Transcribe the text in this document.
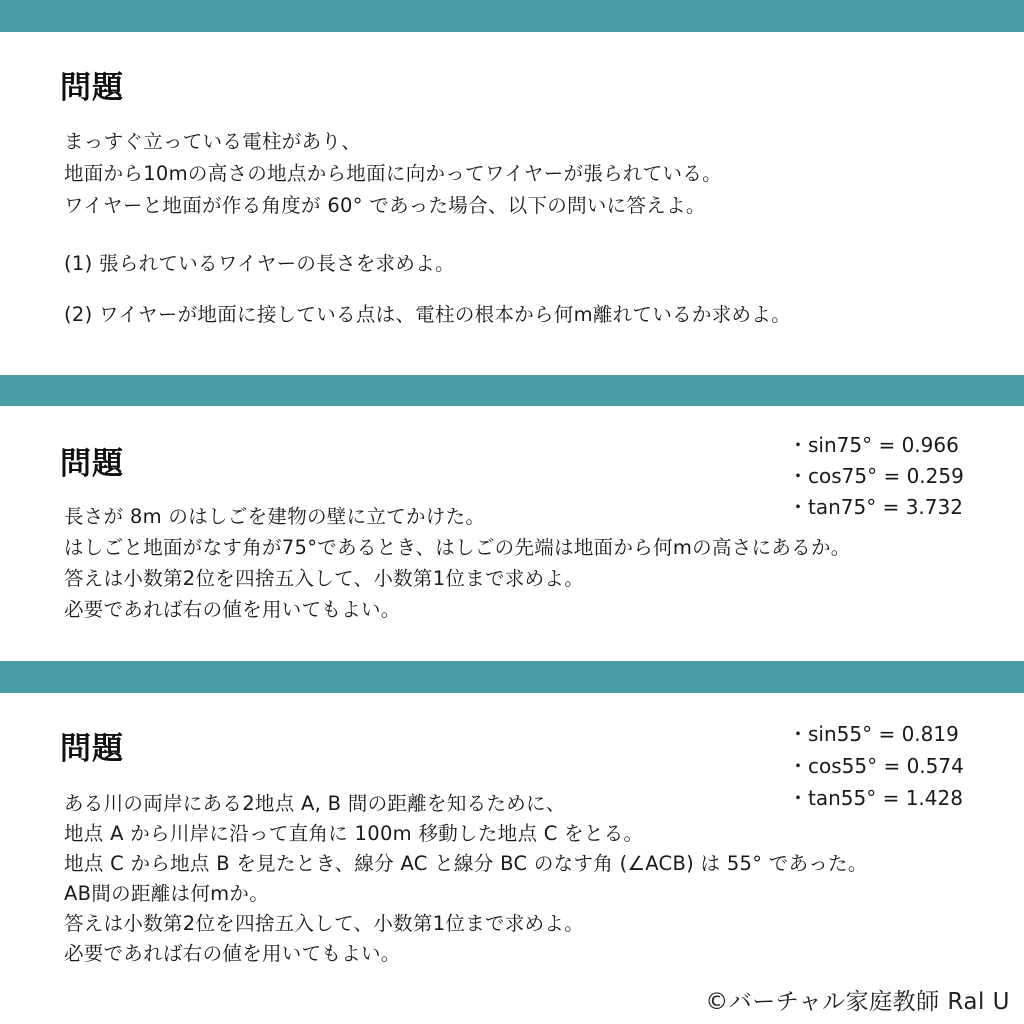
問題
まっすぐ立っている電柱があり、
地面から10mの高さの地点から地面に向かってワイヤーが張られている。
ワイヤーと地面が作る角度が 60° であった場合、以下の問いに答えよ。
(1) 張られているワイヤーの長さを求めよ。
(2) ワイヤーが地面に接している点は、電柱の根本から何m離れているか求めよ。
問題
・sin75° = 0.966
・cos75° = 0.259
・tan75° = 3.732
長さが 8m のはしごを建物の壁に立てかけた。
はしごと地面がなす角が75°であるとき、はしごの先端は地面から何mの高さにあるか。
答えは小数第2位を四捨五入して、小数第1位まで求めよ。
必要であれば右の値を用いてもよい。
問題	・sin55° = 0.819
・cos55° = 0.574
・tan55° = 1.428
ある川の両岸にある2地点 A, B 間の距離を知るために、
地点 A から川岸に沿って直角に 100m 移動した地点 C をとる。
地点 C から地点 B を見たとき、線分 AC と線分 BC のなす角 (∠ACB) は 55° であった。
AB間の距離は何mか。
答えは小数第2位を四捨五入して、小数第1位まで求めよ。
必要であれば右の値を用いてもよい。
©バーチャル家庭教師 Ral U
